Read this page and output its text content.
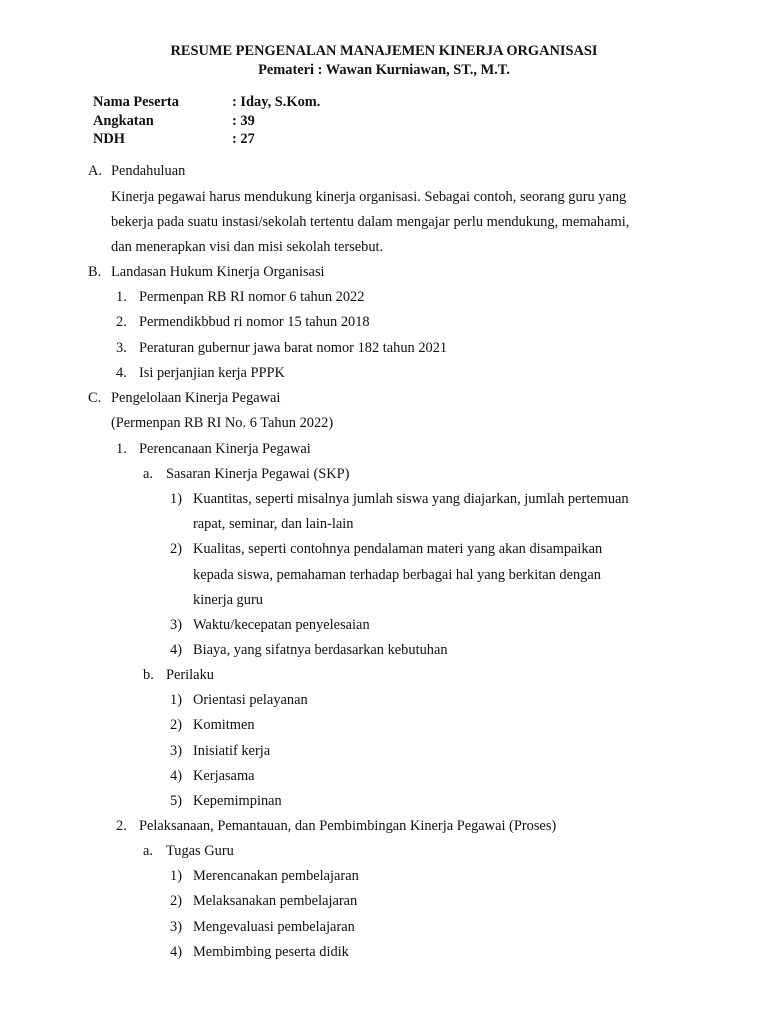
RESUME PENGENALAN MANAJEMEN KINERJA ORGANISASI
Pemateri : Wawan Kurniawan, ST., M.T.
Nama Peserta	: Iday, S.Kom.
Angkatan	: 39
NDH	: 27
A. Pendahuluan
Kinerja pegawai harus mendukung kinerja organisasi. Sebagai contoh, seorang guru yang
bekerja pada suatu instasi/sekolah tertentu dalam mengajar perlu mendukung, memahami,
dan menerapkan visi dan misi sekolah tersebut.
B. Landasan Hukum Kinerja Organisasi
1. Permenpan RB RI nomor 6 tahun 2022
2. Permendikbbud ri nomor 15 tahun 2018
3. Peraturan gubernur jawa barat nomor 182 tahun 2021
4. Isi perjanjian kerja PPPK
C. Pengelolaan Kinerja Pegawai
(Permenpan RB RI No. 6 Tahun 2022)
1. Perencanaan Kinerja Pegawai
a. Sasaran Kinerja Pegawai (SKP)
1) Kuantitas, seperti misalnya jumlah siswa yang diajarkan, jumlah pertemuan
rapat, seminar, dan lain-lain
2) Kualitas, seperti contohnya pendalaman materi yang akan disampaikan
kepada siswa, pemahaman terhadap berbagai hal yang berkitan dengan
kinerja guru
3) Waktu/kecepatan penyelesaian
4) Biaya, yang sifatnya berdasarkan kebutuhan
b. Perilaku
1) Orientasi pelayanan
2) Komitmen
3) Inisiatif kerja
4) Kerjasama
5) Kepemimpinan
2. Pelaksanaan, Pemantauan, dan Pembimbingan Kinerja Pegawai (Proses)
a. Tugas Guru
1) Merencanakan pembelajaran
2) Melaksanakan pembelajaran
3) Mengevaluasi pembelajaran
4) Membimbing peserta didik
